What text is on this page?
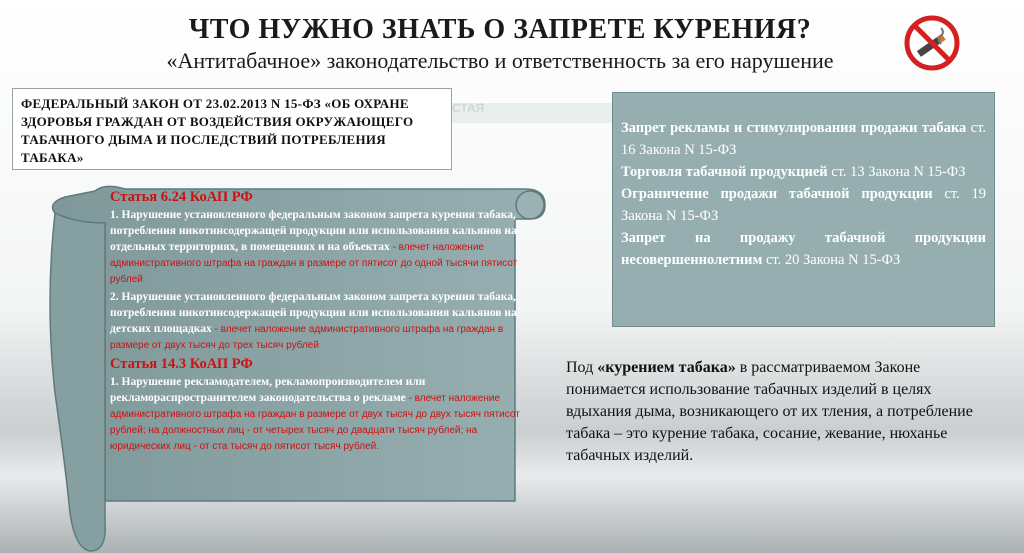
ЧТО НУЖНО ЗНАТЬ О ЗАПРЕТЕ КУРЕНИЯ?
«Антитабачное» законодательство и ответственность за его нарушение
СТАЯ
ФЕДЕРАЛЬНЫЙ ЗАКОН ОТ 23.02.2013 N 15-ФЗ «ОБ ОХРАНЕ ЗДОРОВЬЯ ГРАЖДАН ОТ ВОЗДЕЙСТВИЯ ОКРУЖАЮЩЕГО ТАБАЧНОГО ДЫМА И ПОСЛЕДСТВИЙ ПОТРЕБЛЕНИЯ ТАБАКА»
Статья 6.24 КоАП РФ

1. Нарушение установленного федеральным законом запрета курения табака, потребления никотинсодержащей продукции или использования кальянов на отдельных территориях, в помещениях и на объектах - влечет наложение административного штрафа на граждан в размере от пятисот до одной тысячи пятисот рублей

2. Нарушение установленного федеральным законом запрета курения табака, потребления никотинсодержащей продукции или использования кальянов на детских площадках - влечет наложение административного штрафа на граждан в размере от двух тысяч до трех тысяч рублей

Статья 14.3 КоАП РФ

1. Нарушение рекламодателем, рекламопроизводителем или рекламораспространителем законодательства о рекламе - влечет наложение административного штрафа на граждан в размере от двух тысяч до двух тысяч пятисот рублей; на должностных лиц - от четырех тысяч до двадцати тысяч рублей; на юридических лиц - от ста тысяч до пятисот тысяч рублей.

Запрет рекламы и стимулирования продажи табака ст. 16 Закона N 15-ФЗ

Торговля табачной продукцией ст. 13 Закона N 15-ФЗ

Ограничение продажи табачной продукции ст. 19 Закона N 15-ФЗ

Запрет на продажу табачной продукции несовершеннолетним ст. 20 Закона N 15-ФЗ

Под «курением табака» в рассматриваемом Законе понимается использование табачных изделий в целях вдыхания дыма, возникающего от их тления, а потребление табака – это курение табака, сосание, жевание, нюханье табачных изделий.
